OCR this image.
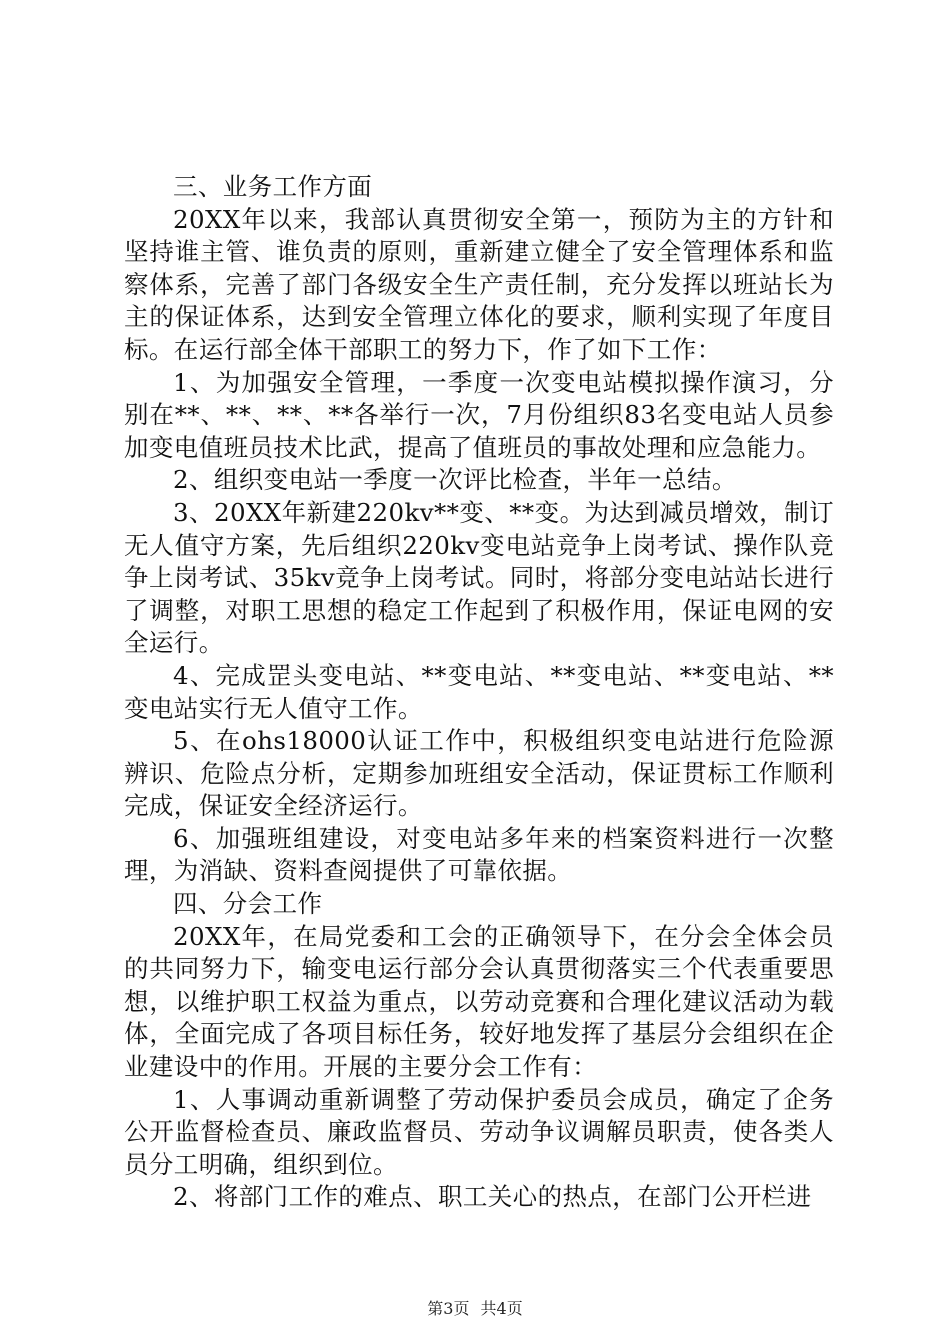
三、业务工作方面

20XX年以来，我部认真贯彻安全第一，预防为主的方针和坚持谁主管、谁负责的原则，重新建立健全了安全管理体系和监察体系，完善了部门各级安全生产责任制，充分发挥以班站长为主的保证体系，达到安全管理立体化的要求，顺利实现了年度目标。在运行部全体干部职工的努力下，作了如下工作：

1、为加强安全管理，一季度一次变电站模拟操作演习，分别在**、**、**、**各举行一次，7月份组织83名变电站人员参加变电值班员技术比武，提高了值班员的事故处理和应急能力。

2、组织变电站一季度一次评比检查，半年一总结。

3、20XX年新建220kv**变、**变。为达到减员增效，制订无人值守方案，先后组织220kv变电站竞争上岗考试、操作队竞争上岗考试、35kv竞争上岗考试。同时，将部分变电站站长进行了调整，对职工思想的稳定工作起到了积极作用，保证电网的安全运行。

4、完成罡头变电站、**变电站、**变电站、**变电站、**变电站实行无人值守工作。

5、在ohs18000认证工作中，积极组织变电站进行危险源辨识、危险点分析，定期参加班组安全活动，保证贯标工作顺利完成，保证安全经济运行。

6、加强班组建设，对变电站多年来的档案资料进行一次整理，为消缺、资料查阅提供了可靠依据。

四、分会工作

20XX年，在局党委和工会的正确领导下，在分会全体会员的共同努力下，输变电运行部分会认真贯彻落实三个代表重要思想，以维护职工权益为重点，以劳动竞赛和合理化建议活动为载体，全面完成了各项目标任务，较好地发挥了基层分会组织在企业建设中的作用。开展的主要分会工作有：

1、人事调动重新调整了劳动保护委员会成员，确定了企务公开监督检查员、廉政监督员、劳动争议调解员职责，使各类人员分工明确，组织到位。

2、将部门工作的难点、职工关心的热点，在部门公开栏进

第3页 共4页
